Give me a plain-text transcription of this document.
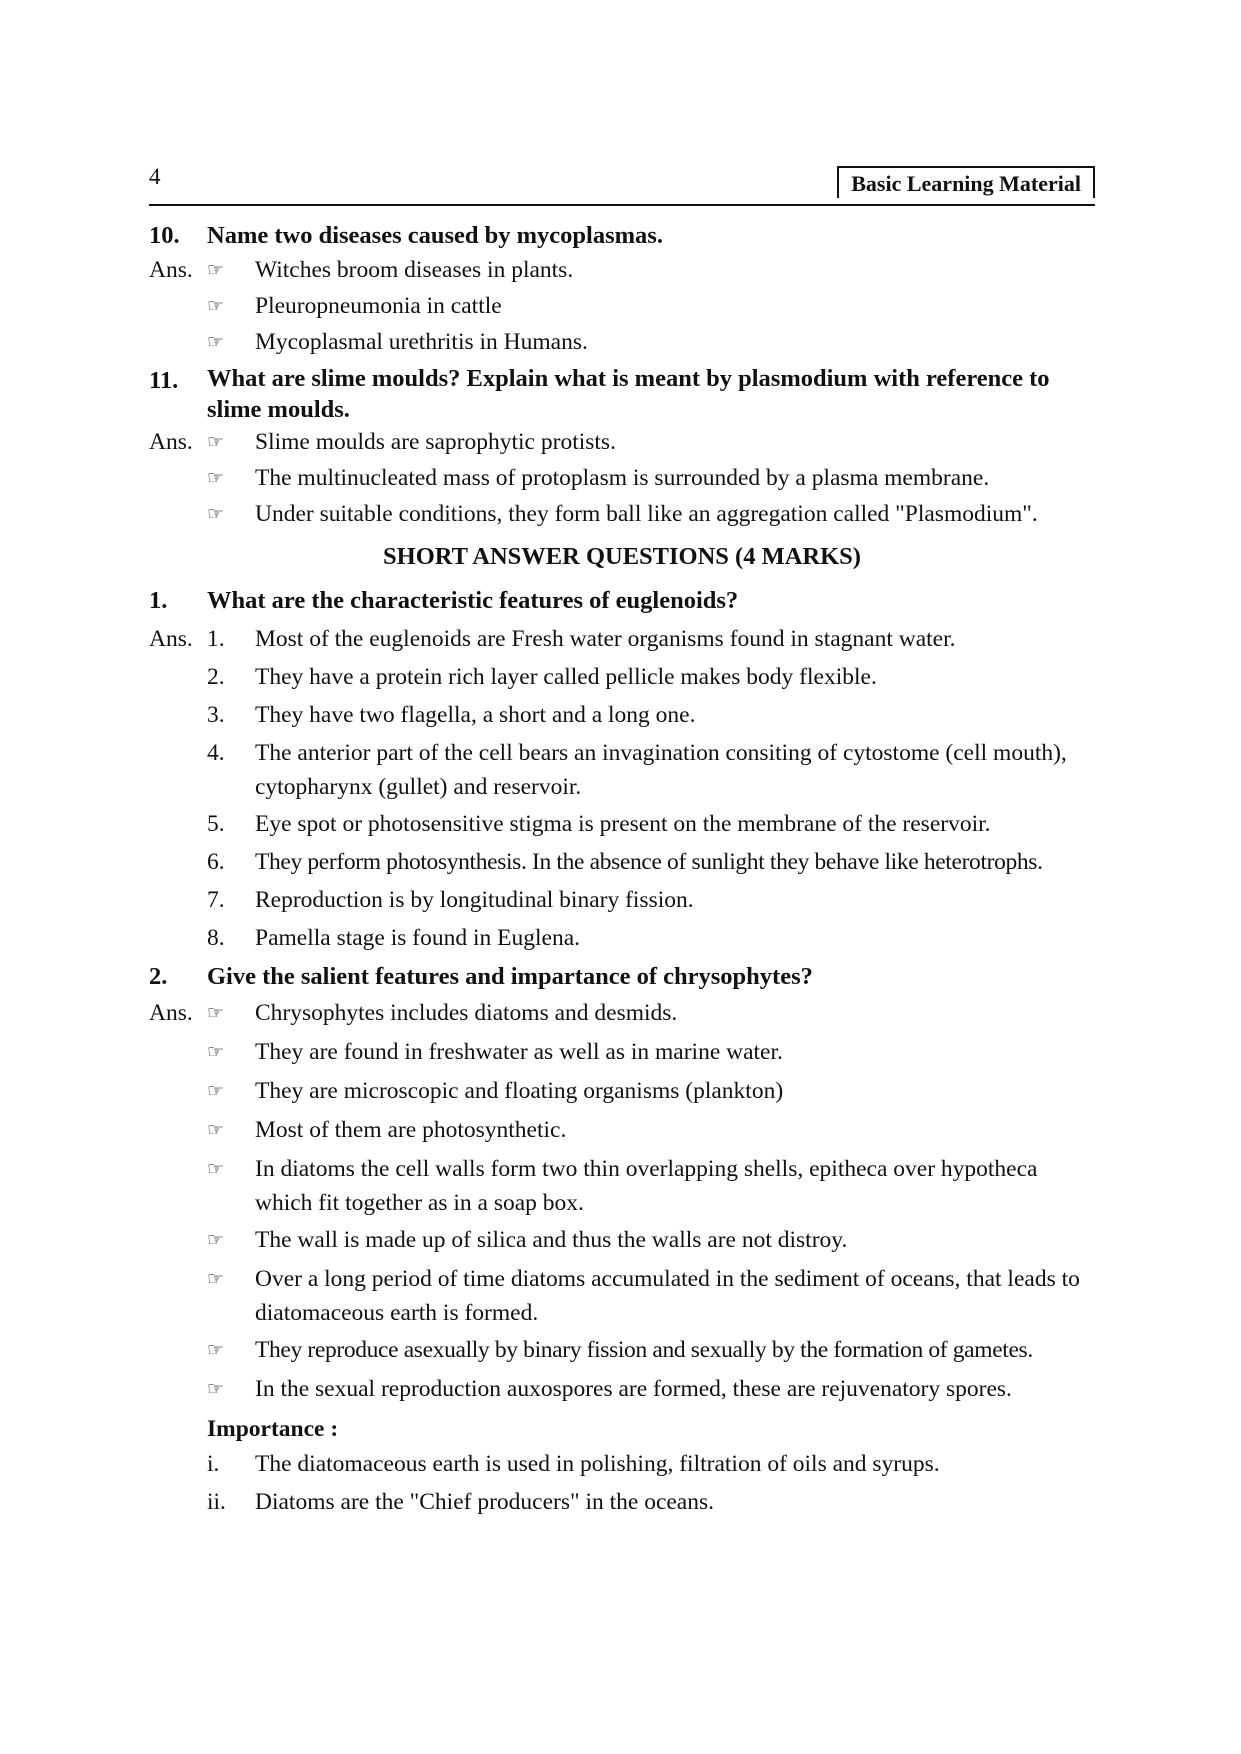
4	Basic Learning Material
10.	Name two diseases caused by mycoplasmas.
Ans. ☞	Witches broom diseases in plants.
☞	Pleuropneumonia in cattle
☞	Mycoplasmal urethritis in Humans.
11.	What are slime moulds? Explain what is meant by plasmodium with reference to slime moulds.
Ans. ☞	Slime moulds are saprophytic protists.
☞	The multinucleated mass of protoplasm is surrounded by a plasma membrane.
☞	Under suitable conditions, they form ball like an aggregation called "Plasmodium".
SHORT ANSWER QUESTIONS (4 MARKS)
1.	What are the characteristic features of euglenoids?
Ans. 1.	Most of the euglenoids are Fresh water organisms found in stagnant water.
2.	They have a protein rich layer called pellicle makes body flexible.
3.	They have two flagella, a short and a long one.
4.	The anterior part of the cell bears an invagination consiting of cytostome (cell mouth), cytopharynx (gullet) and reservoir.
5.	Eye spot or photosensitive stigma is present on the membrane of the reservoir.
6.	They perform photosynthesis. In the absence of sunlight they behave like heterotrophs.
7.	Reproduction is by longitudinal binary fission.
8.	Pamella stage is found in Euglena.
2.	Give the salient features and impartance of chrysophytes?
Ans. ☞	Chrysophytes includes diatoms and desmids.
☞	They are found in freshwater as well as in marine water.
☞	They are microscopic and floating organisms (plankton)
☞	Most of them are photosynthetic.
☞	In diatoms the cell walls form two thin overlapping shells, epitheca over hypotheca which fit together as in a soap box.
☞	The wall is made up of silica and thus the walls are not distroy.
☞	Over a long period of time diatoms accumulated in the sediment of oceans, that leads to diatomaceous earth is formed.
☞	They reproduce asexually by binary fission and sexually by the formation of gametes.
☞	In the sexual reproduction auxospores are formed, these are rejuvenatory spores.
Importance :
i.	The diatomaceous earth is used in polishing, filtration of oils and syrups.
ii.	Diatoms are the "Chief producers" in the oceans.
